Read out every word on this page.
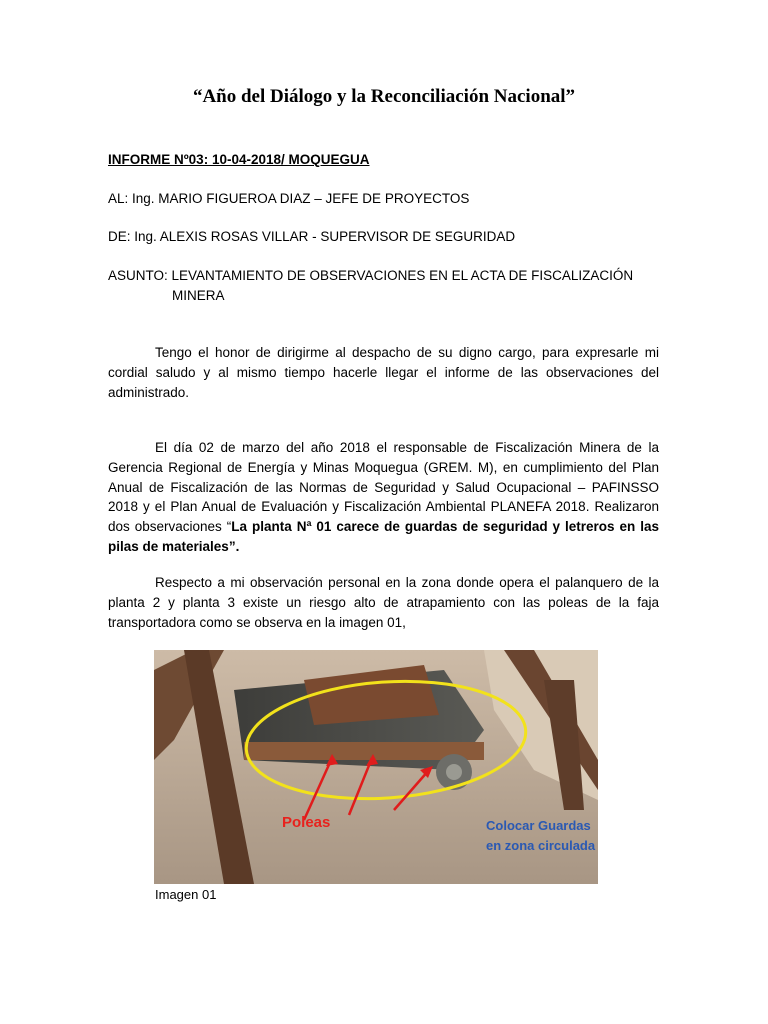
“Año del Diálogo y la Reconciliación Nacional”
INFORME Nº03: 10-04-2018/ MOQUEGUA
AL: Ing. MARIO FIGUEROA DIAZ – JEFE DE PROYECTOS
DE: Ing. ALEXIS ROSAS VILLAR - SUPERVISOR DE SEGURIDAD
ASUNTO: LEVANTAMIENTO DE OBSERVACIONES EN EL ACTA DE FISCALIZACIÓN
MINERA
Tengo el honor de dirigirme al despacho de su digno cargo, para expresarle mi cordial saludo y al mismo tiempo hacerle llegar el informe de las observaciones del administrado.
El día 02 de marzo del año 2018 el responsable de Fiscalización Minera de la Gerencia Regional de Energía y Minas Moquegua (GREM. M), en cumplimiento del Plan Anual de Fiscalización de las Normas de Seguridad y Salud Ocupacional – PAFINSSO 2018 y el Plan Anual de Evaluación y Fiscalización Ambiental PLANEFA 2018. Realizaron dos observaciones “La planta Nª 01 carece de guardas de seguridad y letreros en las pilas de materiales”.
Respecto a mi observación personal en la zona donde opera el palanquero de la planta 2 y planta 3 existe un riesgo alto de atrapamiento con las poleas de la faja transportadora como se observa en la imagen 01,
Poleas	Colocar Guardas en zona circulada
Imagen 01
